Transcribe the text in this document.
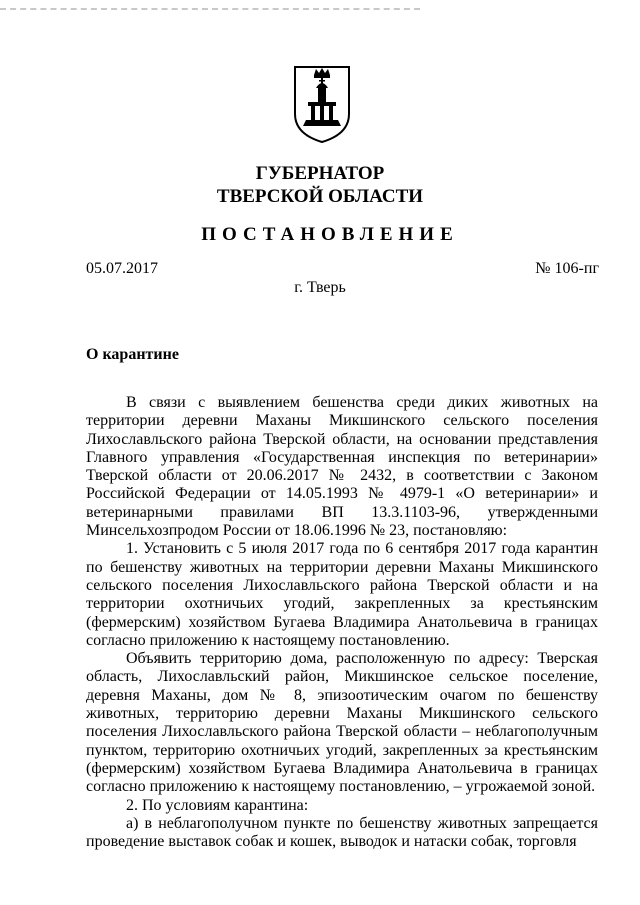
ГУБЕРНАТОР
ТВЕРСКОЙ ОБЛАСТИ
ПОСТАНОВЛЕНИЕ
05.07.2017	№ 106-пг
г. Тверь
О карантине

В связи с выявлением бешенства среди диких животных на территории деревни Маханы Микшинского сельского поселения Лихославльского района Тверской области, на основании представления Главного управления «Государственная инспекция по ветеринарии» Тверской области от 20.06.2017 № 2432, в соответствии с Законом Российской Федерации от 14.05.1993 № 4979-1 «О ветеринарии» и ветеринарными правилами ВП 13.3.1103-96, утвержденными Минсельхозпродом России от 18.06.1996 № 23, постановляю:

1. Установить с 5 июля 2017 года по 6 сентября 2017 года карантин по бешенству животных на территории деревни Маханы Микшинского сельского поселения Лихославльского района Тверской области и на территории охотничьих угодий, закрепленных за крестьянским (фермерским) хозяйством Бугаева Владимира Анатольевича в границах согласно приложению к настоящему постановлению.

Объявить территорию дома, расположенную по адресу: Тверская область, Лихославльский район, Микшинское сельское поселение, деревня Маханы, дом № 8, эпизоотическим очагом по бешенству животных, территорию деревни Маханы Микшинского сельского поселения Лихославльского района Тверской области – неблагополучным пунктом, территорию охотничьих угодий, закрепленных за крестьянским (фермерским) хозяйством Бугаева Владимира Анатольевича в границах согласно приложению к настоящему постановлению, – угрожаемой зоной.

2. По условиям карантина:

а) в неблагополучном пункте по бешенству животных запрещается проведение выставок собак и кошек, выводок и натаски собак, торговля
